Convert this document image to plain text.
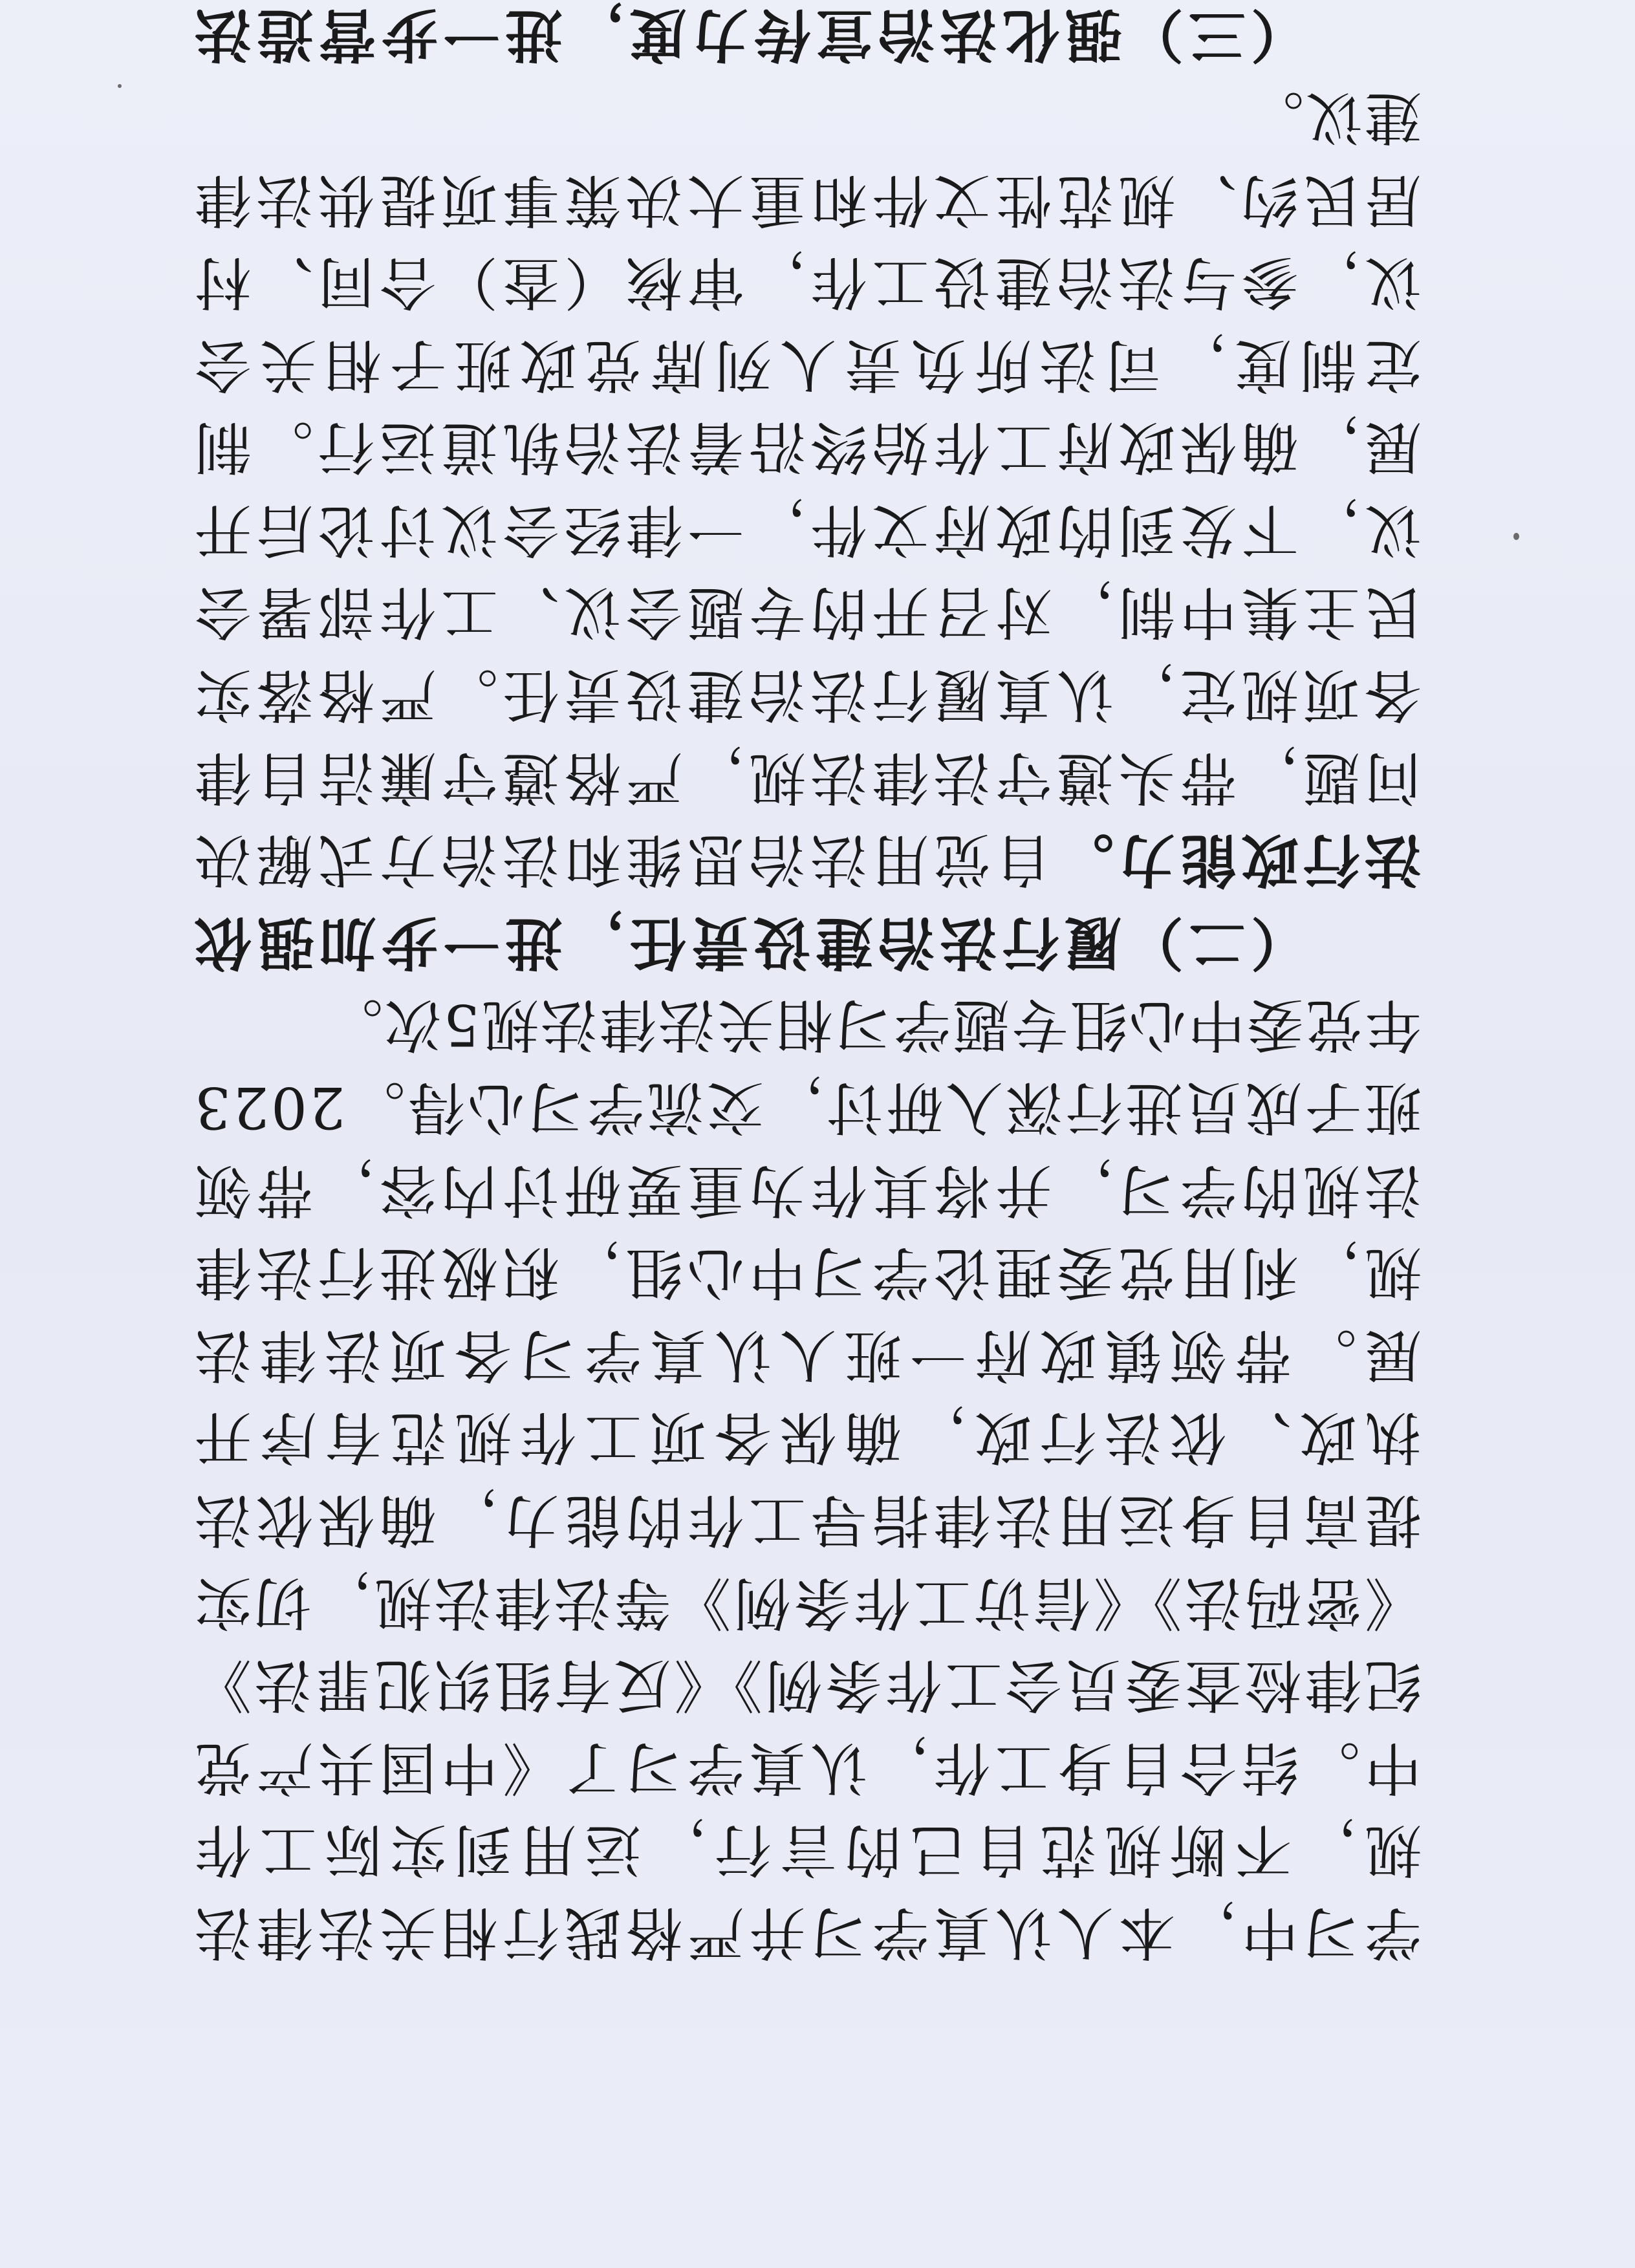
学习中，本人认真学习并严格践行相关法律法规，不断规范自己的言行，运用到实际工作中。结合自身工作，认真学习了《中国共产党纪律检查委员会工作条例》《反有组织犯罪法》《密码法》《信访工作条例》等法律法规，切实提高自身运用法律指导工作的能力，确保依法执政、依法行政，确保各项工作规范有序开展。带领镇政府一班人认真学习各项法律法规，利用党委理论学习中心组，积极进行法律法规的学习，并将其作为重要研讨内容，带领班子成员进行深入研讨，交流学习心得。2023年党委中心组专题学习相关法律法规5次。

（二）履行法治建设责任，进一步加强依法行政能力。自觉用法治思维和法治方式解决问题，带头遵守法律法规，严格遵守廉洁自律各项规定，认真履行法治建设责任。严格落实民主集中制，对召开的专题会议、工作部署会议，下发到的政府文件，一律经会议讨论后开展，确保政府工作始终沿着法治轨道运行。制定制度，司法所负责人列席党政班子相关会议，参与法治建设工作，审核（查）合同、村居民约、规范性文件和重大决策事项提供法律建议。

（三）强化法治宣传力度，进一步营造法
